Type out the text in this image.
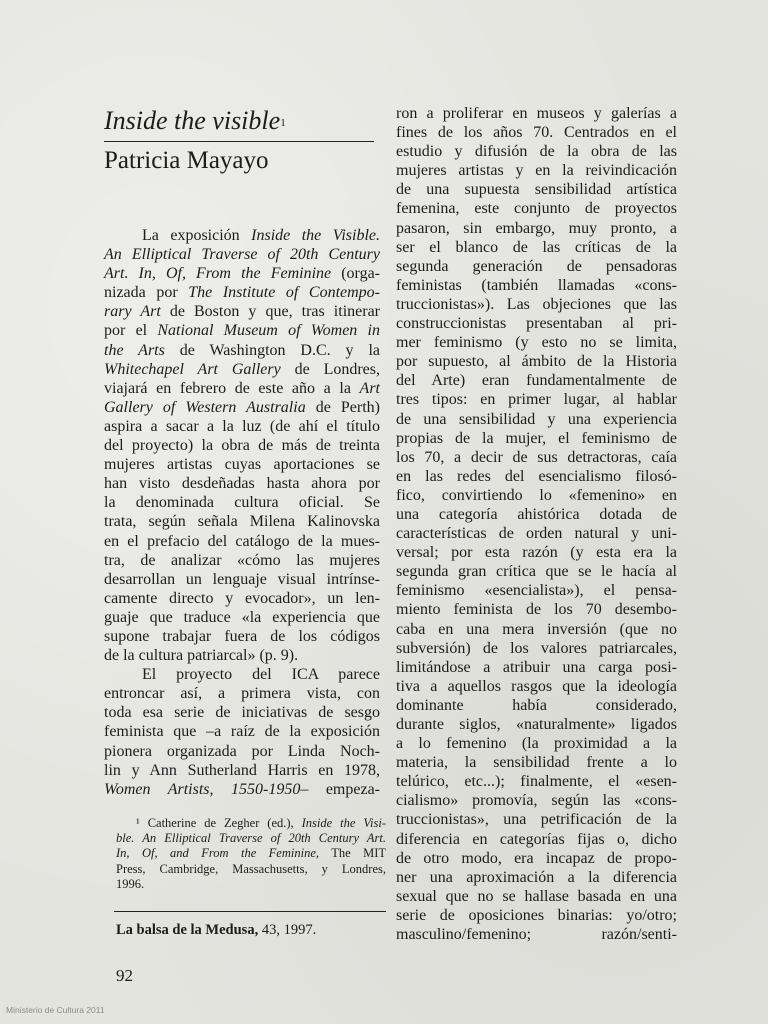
Inside the visible$^1$
Patricia Mayayo
La exposición Inside the Visible.
An Elliptical Traverse of 20th Century
Art. In, Of, From the Feminine (orga-
nizada por The Institute of Contempo-
rary Art de Boston y que, tras itinerar
por el National Museum of Women in
the Arts de Washington D.C. y la
Whitechapel Art Gallery de Londres,
viajará en febrero de este año a la Art
Gallery of Western Australia de Perth)
aspira a sacar a la luz (de ahí el título
del proyecto) la obra de más de treinta
mujeres artistas cuyas aportaciones se
han visto desdeñadas hasta ahora por
la denominada cultura oficial. Se
trata, según señala Milena Kalinovska
en el prefacio del catálogo de la mues-
tra, de analizar «cómo las mujeres
desarrollan un lenguaje visual intrínse-
camente directo y evocador», un len-
guaje que traduce «la experiencia que
supone trabajar fuera de los códigos
de la cultura patriarcal» (p. 9).
El proyecto del ICA parece
entroncar así, a primera vista, con
toda esa serie de iniciativas de sesgo
feminista que –a raíz de la exposición
pionera organizada por Linda Noch-
lin y Ann Sutherland Harris en 1978,
Women Artists, 1550-1950– empeza-
ron a proliferar en museos y galerías a
fines de los años 70. Centrados en el
estudio y difusión de la obra de las
mujeres artistas y en la reivindicación
de una supuesta sensibilidad artística
femenina, este conjunto de proyectos
pasaron, sin embargo, muy pronto, a
ser el blanco de las críticas de la
segunda generación de pensadoras
feministas (también llamadas «cons-
truccionistas»). Las objeciones que las
construccionistas presentaban al pri-
mer feminismo (y esto no se limita,
por supuesto, al ámbito de la Historia
del Arte) eran fundamentalmente de
tres tipos: en primer lugar, al hablar
de una sensibilidad y una experiencia
propias de la mujer, el feminismo de
los 70, a decir de sus detractoras, caía
en las redes del esencialismo filosó-
fico, convirtiendo lo «femenino» en
una categoría ahistórica dotada de
características de orden natural y uni-
versal; por esta razón (y esta era la
segunda gran crítica que se le hacía al
feminismo «esencialista»), el pensa-
miento feminista de los 70 desembo-
caba en una mera inversión (que no
subversión) de los valores patriarcales,
limitándose a atribuir una carga posi-
tiva a aquellos rasgos que la ideología
dominante había considerado,
durante siglos, «naturalmente» ligados
a lo femenino (la proximidad a la
materia, la sensibilidad frente a lo
telúrico, etc...); finalmente, el «esen-
cialismo» promovía, según las «cons-
truccionistas», una petrificación de la
diferencia en categorías fijas o, dicho
de otro modo, era incapaz de propo-
ner una aproximación a la diferencia
sexual que no se hallase basada en una
serie de oposiciones binarias: yo/otro;
masculino/femenino; razón/senti-
¹ Catherine de Zegher (ed.), Inside the Visi-
ble. An Elliptical Traverse of 20th Century Art.
In, Of, and From the Feminine, The MIT
Press, Cambridge, Massachusetts, y Londres,
1996.

La balsa de la Medusa, 43, 1997.

92
Ministerio de Cultura 2011
